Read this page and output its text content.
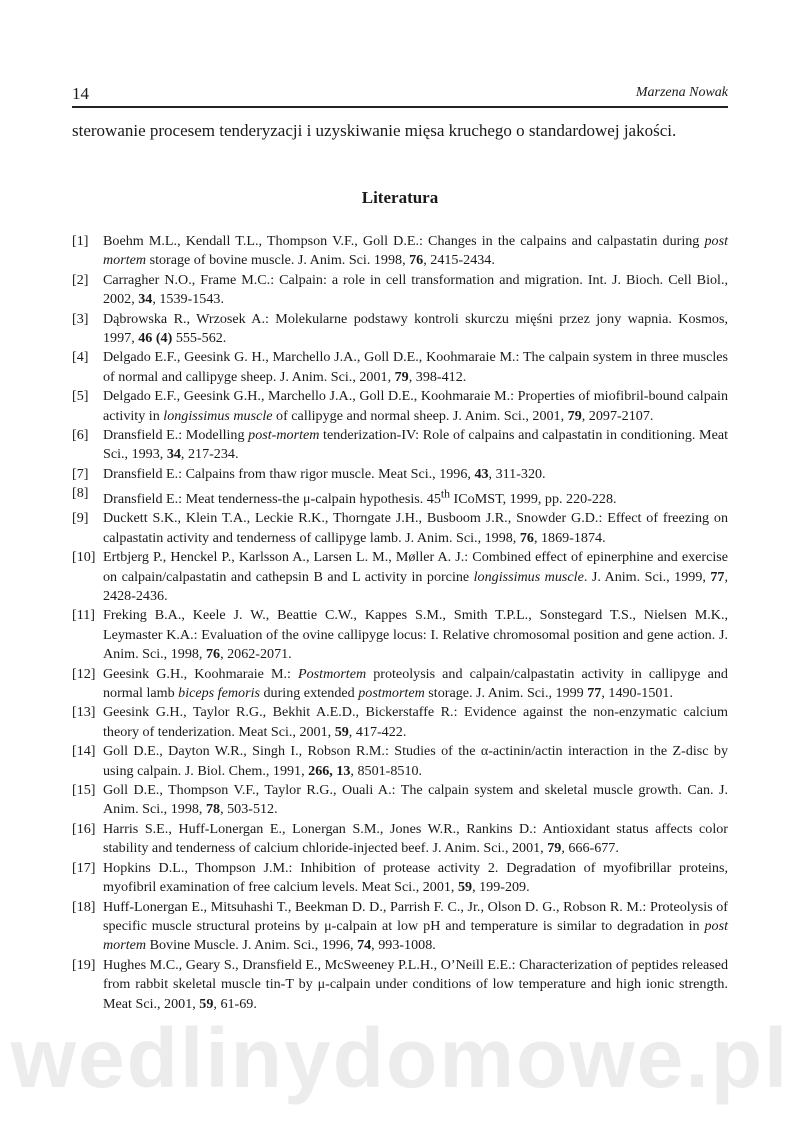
14	Marzena Nowak
sterowanie procesem tenderyzacji i uzyskiwanie mięsa kruchego o standardowej jakości.
Literatura
[1] Boehm M.L., Kendall T.L., Thompson V.F., Goll D.E.: Changes in the calpains and calpastatin during post mortem storage of bovine muscle. J. Anim. Sci. 1998, 76, 2415-2434.
[2] Carragher N.O., Frame M.C.: Calpain: a role in cell transformation and migration. Int. J. Bioch. Cell Biol., 2002, 34, 1539-1543.
[3] Dąbrowska R., Wrzosek A.: Molekularne podstawy kontroli skurczu mięśni przez jony wapnia. Kosmos, 1997, 46 (4) 555-562.
[4] Delgado E.F., Geesink G. H., Marchello J.A., Goll D.E., Koohmaraie M.: The calpain system in three muscles of normal and callipyge sheep. J. Anim. Sci., 2001, 79, 398-412.
[5] Delgado E.F., Geesink G.H., Marchello J.A., Goll D.E., Koohmaraie M.: Properties of miofibril-bound calpain activity in longissimus muscle of callipyge and normal sheep. J. Anim. Sci., 2001, 79, 2097-2107.
[6] Dransfield E.: Modelling post-mortem tenderization-IV: Role of calpains and calpastatin in conditioning. Meat Sci., 1993, 34, 217-234.
[7] Dransfield E.: Calpains from thaw rigor muscle. Meat Sci., 1996, 43, 311-320.
[8] Dransfield E.: Meat tenderness-the μ-calpain hypothesis. 45th ICoMST, 1999, pp. 220-228.
[9] Duckett S.K., Klein T.A., Leckie R.K., Thorngate J.H., Busboom J.R., Snowder G.D.: Effect of freezing on calpastatin activity and tenderness of callipyge lamb. J. Anim. Sci., 1998, 76, 1869-1874.
[10] Ertbjerg P., Henckel P., Karlsson A., Larsen L. M., Møller A. J.: Combined effect of epinerphine and exercise on calpain/calpastatin and cathepsin B and L activity in porcine longissimus muscle. J. Anim. Sci., 1999, 77, 2428-2436.
[11] Freking B.A., Keele J. W., Beattie C.W., Kappes S.M., Smith T.P.L., Sonstegard T.S., Nielsen M.K., Leymaster K.A.: Evaluation of the ovine callipyge locus: I. Relative chromosomal position and gene action. J. Anim. Sci., 1998, 76, 2062-2071.
[12] Geesink G.H., Koohmaraie M.: Postmortem proteolysis and calpain/calpastatin activity in callipyge and normal lamb biceps femoris during extended postmortem storage. J. Anim. Sci., 1999 77, 1490-1501.
[13] Geesink G.H., Taylor R.G., Bekhit A.E.D., Bickerstaffe R.: Evidence against the non-enzymatic calcium theory of tenderization. Meat Sci., 2001, 59, 417-422.
[14] Goll D.E., Dayton W.R., Singh I., Robson R.M.: Studies of the α-actinin/actin interaction in the Z-disc by using calpain. J. Biol. Chem., 1991, 266, 13, 8501-8510.
[15] Goll D.E., Thompson V.F., Taylor R.G., Ouali A.: The calpain system and skeletal muscle growth. Can. J. Anim. Sci., 1998, 78, 503-512.
[16] Harris S.E., Huff-Lonergan E., Lonergan S.M., Jones W.R., Rankins D.: Antioxidant status affects color stability and tenderness of calcium chloride-injected beef. J. Anim. Sci., 2001, 79, 666-677.
[17] Hopkins D.L., Thompson J.M.: Inhibition of protease activity 2. Degradation of myofibrillar proteins, myofibril examination of free calcium levels. Meat Sci., 2001, 59, 199-209.
[18] Huff-Lonergan E., Mitsuhashi T., Beekman D. D., Parrish F. C., Jr., Olson D. G., Robson R. M.: Proteolysis of specific muscle structural proteins by μ-calpain at low pH and temperature is similar to degradation in post mortem Bovine Muscle. J. Anim. Sci., 1996, 74, 993-1008.
[19] Hughes M.C., Geary S., Dransfield E., McSweeney P.L.H., O’Neill E.E.: Characterization of peptides released from rabbit skeletal muscle tin-T by μ-calpain under conditions of low temperature and high ionic strength. Meat Sci., 2001, 59, 61-69.
wedlinydomowe.pl
